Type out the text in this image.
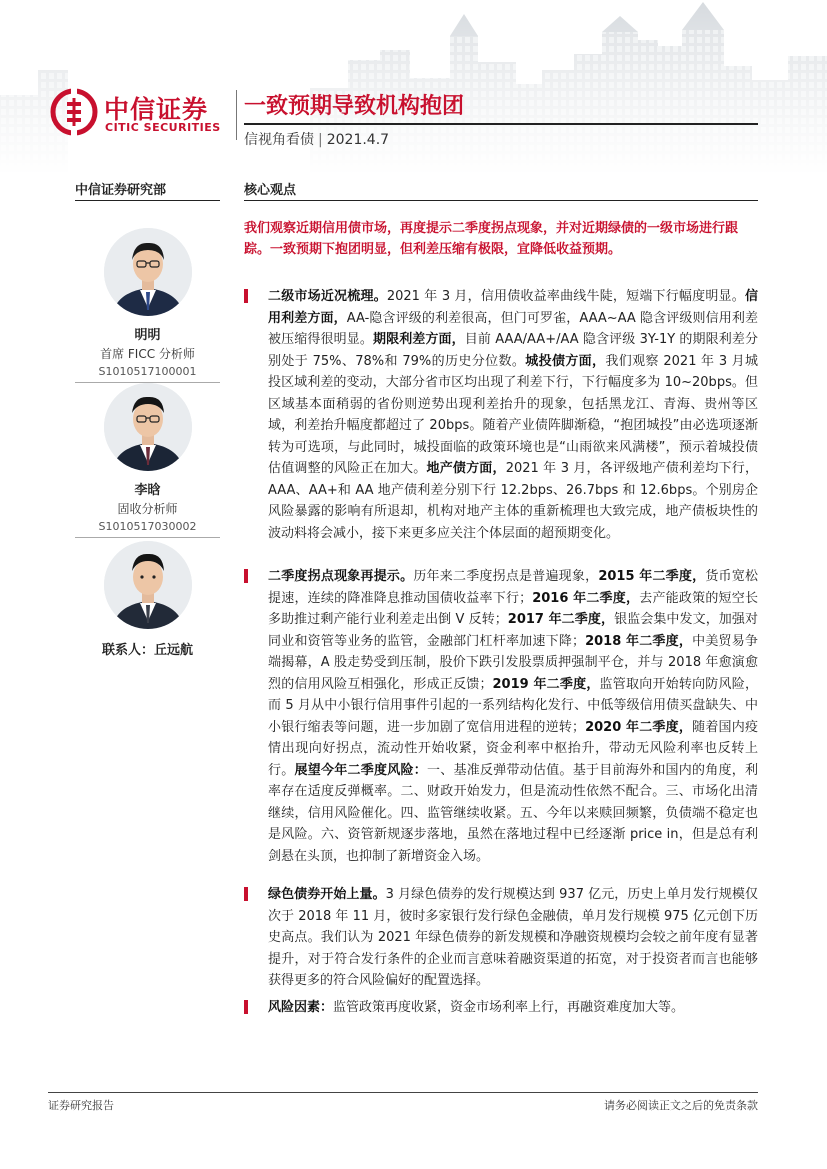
中信证券
CITIC SECURITIES
一致预期导致机构抱团
信视角看债 | 2021.4.7
中信证券研究部
明明
首席 FICC 分析师
S1010517100001
李晗
固收分析师
S1010517030002
联系人：丘远航
核心观点
我们观察近期信用债市场，再度提示二季度拐点现象，并对近期绿债的一级市场进行跟踪。一致预期下抱团明显，但利差压缩有极限，宜降低收益预期。

二级市场近况梳理。2021 年 3 月，信用债收益率曲线牛陡，短端下行幅度明显。信用利差方面，AA-隐含评级的利差很高，但门可罗雀，AAA~AA 隐含评级则信用利差被压缩得很明显。期限利差方面，目前 AAA/AA+/AA 隐含评级 3Y-1Y 的期限利差分别处于 75%、78%和 79%的历史分位数。城投债方面，我们观察 2021 年 3 月城投区域利差的变动，大部分省市区均出现了利差下行，下行幅度多为 10~20bps。但区域基本面稍弱的省份则逆势出现利差抬升的现象，包括黑龙江、青海、贵州等区域，利差抬升幅度都超过了 20bps。随着产业债阵脚渐稳，“抱团城投”由必选项逐渐转为可选项，与此同时，城投面临的政策环境也是“山雨欲来风满楼”，预示着城投债估值调整的风险正在加大。地产债方面，2021 年 3 月，各评级地产债利差均下行，AAA、AA+和 AA 地产债利差分别下行 12.2bps、26.7bps 和 12.6bps。个别房企风险暴露的影响有所退却，机构对地产主体的重新梳理也大致完成，地产债板块性的波动料将会减小，接下来更多应关注个体层面的超预期变化。

二季度拐点现象再提示。历年来二季度拐点是普遍现象，2015 年二季度，货币宽松提速，连续的降准降息推动国债收益率下行；2016 年二季度，去产能政策的短空长多助推过剩产能行业利差走出倒 V 反转；2017 年二季度，银监会集中发文，加强对同业和资管等业务的监管，金融部门杠杆率加速下降；2018 年二季度，中美贸易争端揭幕，A 股走势受到压制，股价下跌引发股票质押强制平仓，并与 2018 年愈演愈烈的信用风险互相强化，形成正反馈；2019 年二季度，监管取向开始转向防风险，而 5 月从中小银行信用事件引起的一系列结构化发行、中低等级信用债买盘缺失、中小银行缩表等问题，进一步加剧了宽信用进程的逆转；2020 年二季度，随着国内疫情出现向好拐点，流动性开始收紧，资金利率中枢抬升，带动无风险利率也反转上行。展望今年二季度风险：一、基准反弹带动估值。基于目前海外和国内的角度，利率存在适度反弹概率。二、财政开始发力，但是流动性依然不配合。三、市场化出清继续，信用风险催化。四、监管继续收紧。五、今年以来赎回频繁，负债端不稳定也是风险。六、资管新规逐步落地，虽然在落地过程中已经逐渐 price in，但是总有利剑悬在头顶，也抑制了新增资金入场。

绿色债券开始上量。3 月绿色债券的发行规模达到 937 亿元，历史上单月发行规模仅次于 2018 年 11 月，彼时多家银行发行绿色金融债，单月发行规模 975 亿元创下历史高点。我们认为 2021 年绿色债券的新发规模和净融资规模均会较之前年度有显著提升，对于符合发行条件的企业而言意味着融资渠道的拓宽，对于投资者而言也能够获得更多的符合风险偏好的配置选择。

风险因素：监管政策再度收紧，资金市场利率上行，再融资难度加大等。

证券研究报告	请务必阅读正文之后的免责条款
